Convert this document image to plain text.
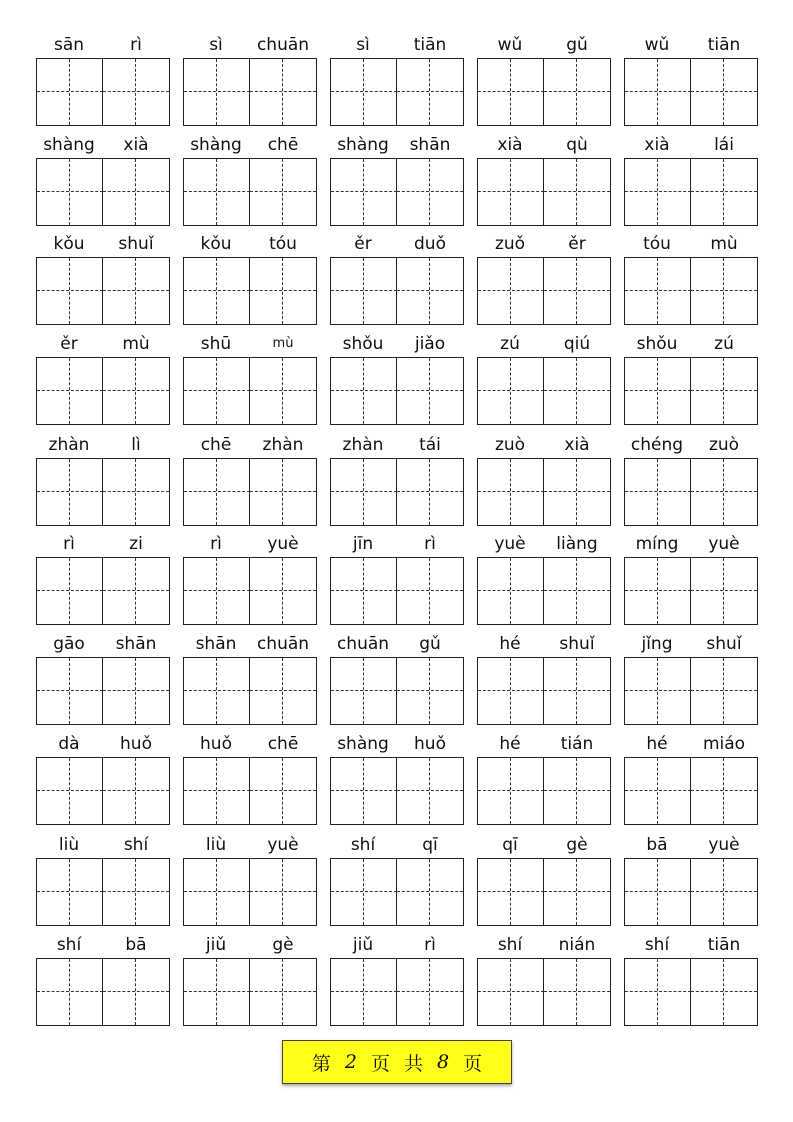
sān	rì	sì	chuān	sì	tiān	wǔ	gǔ	wǔ	tiān
shàng	xià	shàng	chē	shàng	shān	xià	qù	xià	lái
kǒu	shuǐ	kǒu	tóu	ěr	duǒ	zuǒ	ěr	tóu	mù
ěr	mù	shū	mù	shǒu	jiǎo	zú	qiú	shǒu	zú
zhàn	lì	chē	zhàn	zhàn	tái	zuò	xià	chéng	zuò
rì	zi	rì	yuè	jīn	rì	yuè	liàng	míng	yuè
gāo	shān	shān	chuān	chuān	gǔ	hé	shuǐ	jǐng	shuǐ
dà	huǒ	huǒ	chē	shàng	huǒ	hé	tián	hé	miáo
liù	shí	liù	yuè	shí	qī	qī	gè	bā	yuè
shí	bā	jiǔ	gè	jiǔ	rì	shí	nián	shí	tiān
第 2 页 共 8 页
